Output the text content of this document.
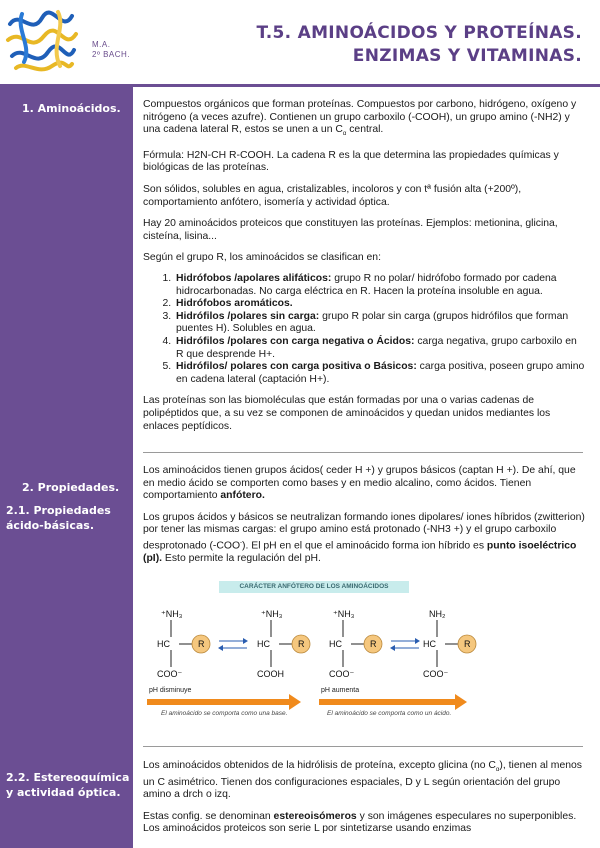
M.A.
2º BACH.
T.5. AMINOÁCIDOS Y PROTEÍNAS.
ENZIMAS Y VITAMINAS.
1. Aminoácidos.
2. Propiedades.
2.1. Propiedades
ácido-básicas.
2.2. Estereoquímica
y actividad óptica.

Compuestos orgánicos que forman proteínas. Compuestos por carbono, hidrógeno, oxígeno y nitrógeno (a veces azufre). Contienen un grupo carboxilo (-COOH), un grupo amino (-NH2) y una cadena lateral R, estos se unen a un $C_\alpha$ central.

Fórmula: H2N-CH R-COOH. La cadena R es la que determina las propiedades químicas y biológicas de las proteínas.

Son sólidos, solubles en agua, cristalizables, incoloros y con tª fusión alta (+200º), comportamiento anfótero, isomería y actividad óptica.

Hay 20 aminoácidos proteicos que constituyen las proteínas. Ejemplos: metionina, glicina, cisteína, lisina...

Según el grupo R, los aminoácidos se clasifican en:

1. Hidrófobos /apolares alifáticos: grupo R no polar/ hidrófobo formado por cadena hidrocarbonadas. No carga eléctrica en R. Hacen la proteína insoluble en agua.
2. Hidrófobos aromáticos.
3. Hidrófilos /polares sin carga: grupo R polar sin carga (grupos hidrófilos que forman puentes H). Solubles en agua.
4. Hidrófilos /polares con carga negativa o Ácidos: carga negativa, grupo carboxilo en R que desprende H+.
5. Hidrófilos/ polares con carga positiva o Básicos: carga positiva, poseen grupo amino en cadena lateral (captación H+).

Las proteínas son las biomoléculas que están formadas por una o varias cadenas de polipéptidos que, a su vez se componen de aminoácidos y quedan unidos mediantes los enlaces peptídicos.

Los aminoácidos tienen grupos ácidos( ceder H +) y grupos básicos (captan H +). De ahí, que en medio ácido se comporten como bases y en medio alcalino, como ácidos. Tienen comportamiento anfótero.

Los grupos ácidos y básicos se neutralizan formando iones dipolares/ iones híbridos (zwitterion) por tener las mismas cargas: el grupo amino está protonado (-NH3 +) y el grupo carboxilo desprotonado (-COO-). El pH en el que el aminoácido forma ion híbrido es punto isoeléctrico (pI). Esto permite la regulación del pH.

CARÁCTER ANFÓTERO DE LOS AMINOÁCIDOS
⁺NH₃
HC
COO⁻
R
⁺NH₃
HC
COOH
R
⁺NH₃
HC
COO⁻
R
NH₂
HC
COO⁻
R
pH disminuye	pH aumenta
El aminoácido se comporta como una base.	El aminoácido se comporta como un ácido.

Los aminoácidos obtenidos de la hidrólisis de proteína, excepto glicina (no $C_\alpha$), tienen al menos un C asimétrico. Tienen dos configuraciones espaciales, D y L según orientación del grupo amino a drch o izq.

Estas config. se denominan estereoisómeros y son imágenes especulares no superponibles. Los aminoácidos proteicos son serie L por sintetizarse usando enzimas
